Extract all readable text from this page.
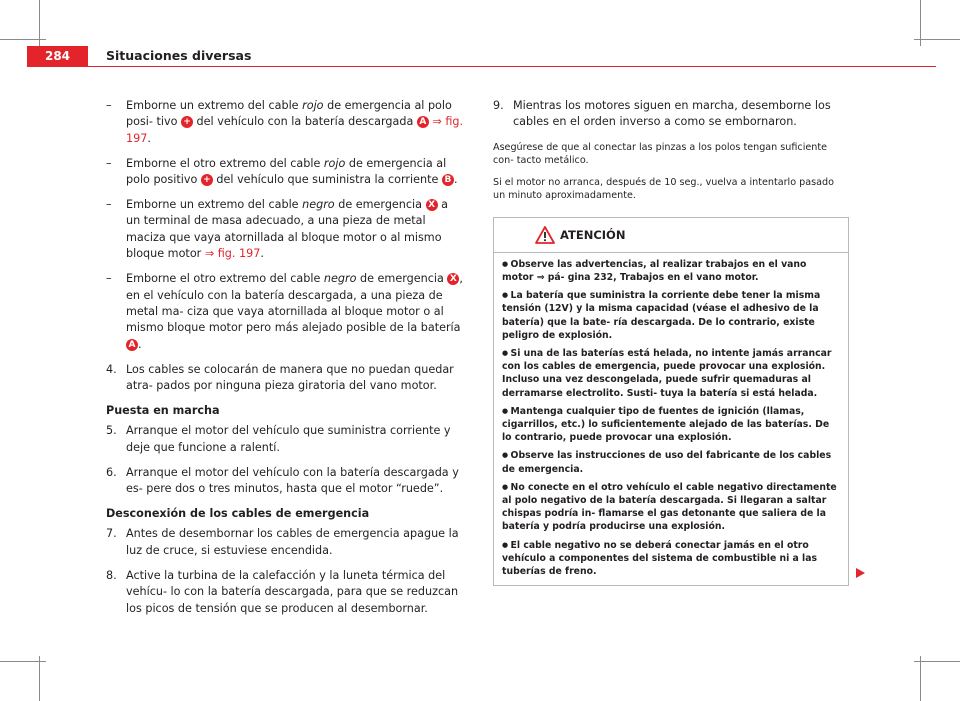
284	Situaciones diversas
– Emborne un extremo del cable rojo de emergencia al polo posi- tivo + del vehículo con la batería descargada A ⇒ fig. 197.
– Emborne el otro extremo del cable rojo de emergencia al polo positivo + del vehículo que suministra la corriente B .
– Emborne un extremo del cable negro de emergencia X a un terminal de masa adecuado, a una pieza de metal maciza que vaya atornillada al bloque motor o al mismo bloque motor ⇒ fig. 197.
– Emborne el otro extremo del cable negro de emergencia X , en el vehículo con la batería descargada, a una pieza de metal ma- ciza que vaya atornillada al bloque motor o al mismo bloque motor pero más alejado posible de la batería A .
4. Los cables se colocarán de manera que no puedan quedar atra- pados por ninguna pieza giratoria del vano motor.
Puesta en marcha
5. Arranque el motor del vehículo que suministra corriente y deje que funcione a ralentí.
6. Arranque el motor del vehículo con la batería descargada y es- pere dos o tres minutos, hasta que el motor “ruede”.
Desconexión de los cables de emergencia
7. Antes de desembornar los cables de emergencia apague la luz de cruce, si estuviese encendida.
8. Active la turbina de la calefacción y la luneta térmica del vehícu- lo con la batería descargada, para que se reduzcan los picos de tensión que se producen al desembornar.
9. Mientras los motores siguen en marcha, desemborne los cables en el orden inverso a como se embornaron.

Asegúrese de que al conectar las pinzas a los polos tengan suficiente con- tacto metálico.

Si el motor no arranca, después de 10 seg., vuelva a intentarlo pasado un minuto aproximadamente.

ATENCIÓN
● Observe las advertencias, al realizar trabajos en el vano motor ⇒ pá- gina 232, Trabajos en el vano motor.
● La batería que suministra la corriente debe tener la misma tensión (12V) y la misma capacidad (véase el adhesivo de la batería) que la bate- ría descargada. De lo contrario, existe peligro de explosión.
● Si una de las baterías está helada, no intente jamás arrancar con los cables de emergencia, puede provocar una explosión. Incluso una vez descongelada, puede sufrir quemaduras al derramarse electrolito. Susti- tuya la batería si está helada.
● Mantenga cualquier tipo de fuentes de ignición (llamas, cigarrillos, etc.) lo suficientemente alejado de las baterías. De lo contrario, puede provocar una explosión.
● Observe las instrucciones de uso del fabricante de los cables de emergencia.
● No conecte en el otro vehículo el cable negativo directamente al polo negativo de la batería descargada. Si llegaran a saltar chispas podría in- flamarse el gas detonante que saliera de la batería y podría producirse una explosión.
● El cable negativo no se deberá conectar jamás en el otro vehículo a componentes del sistema de combustible ni a las tuberías de freno.
